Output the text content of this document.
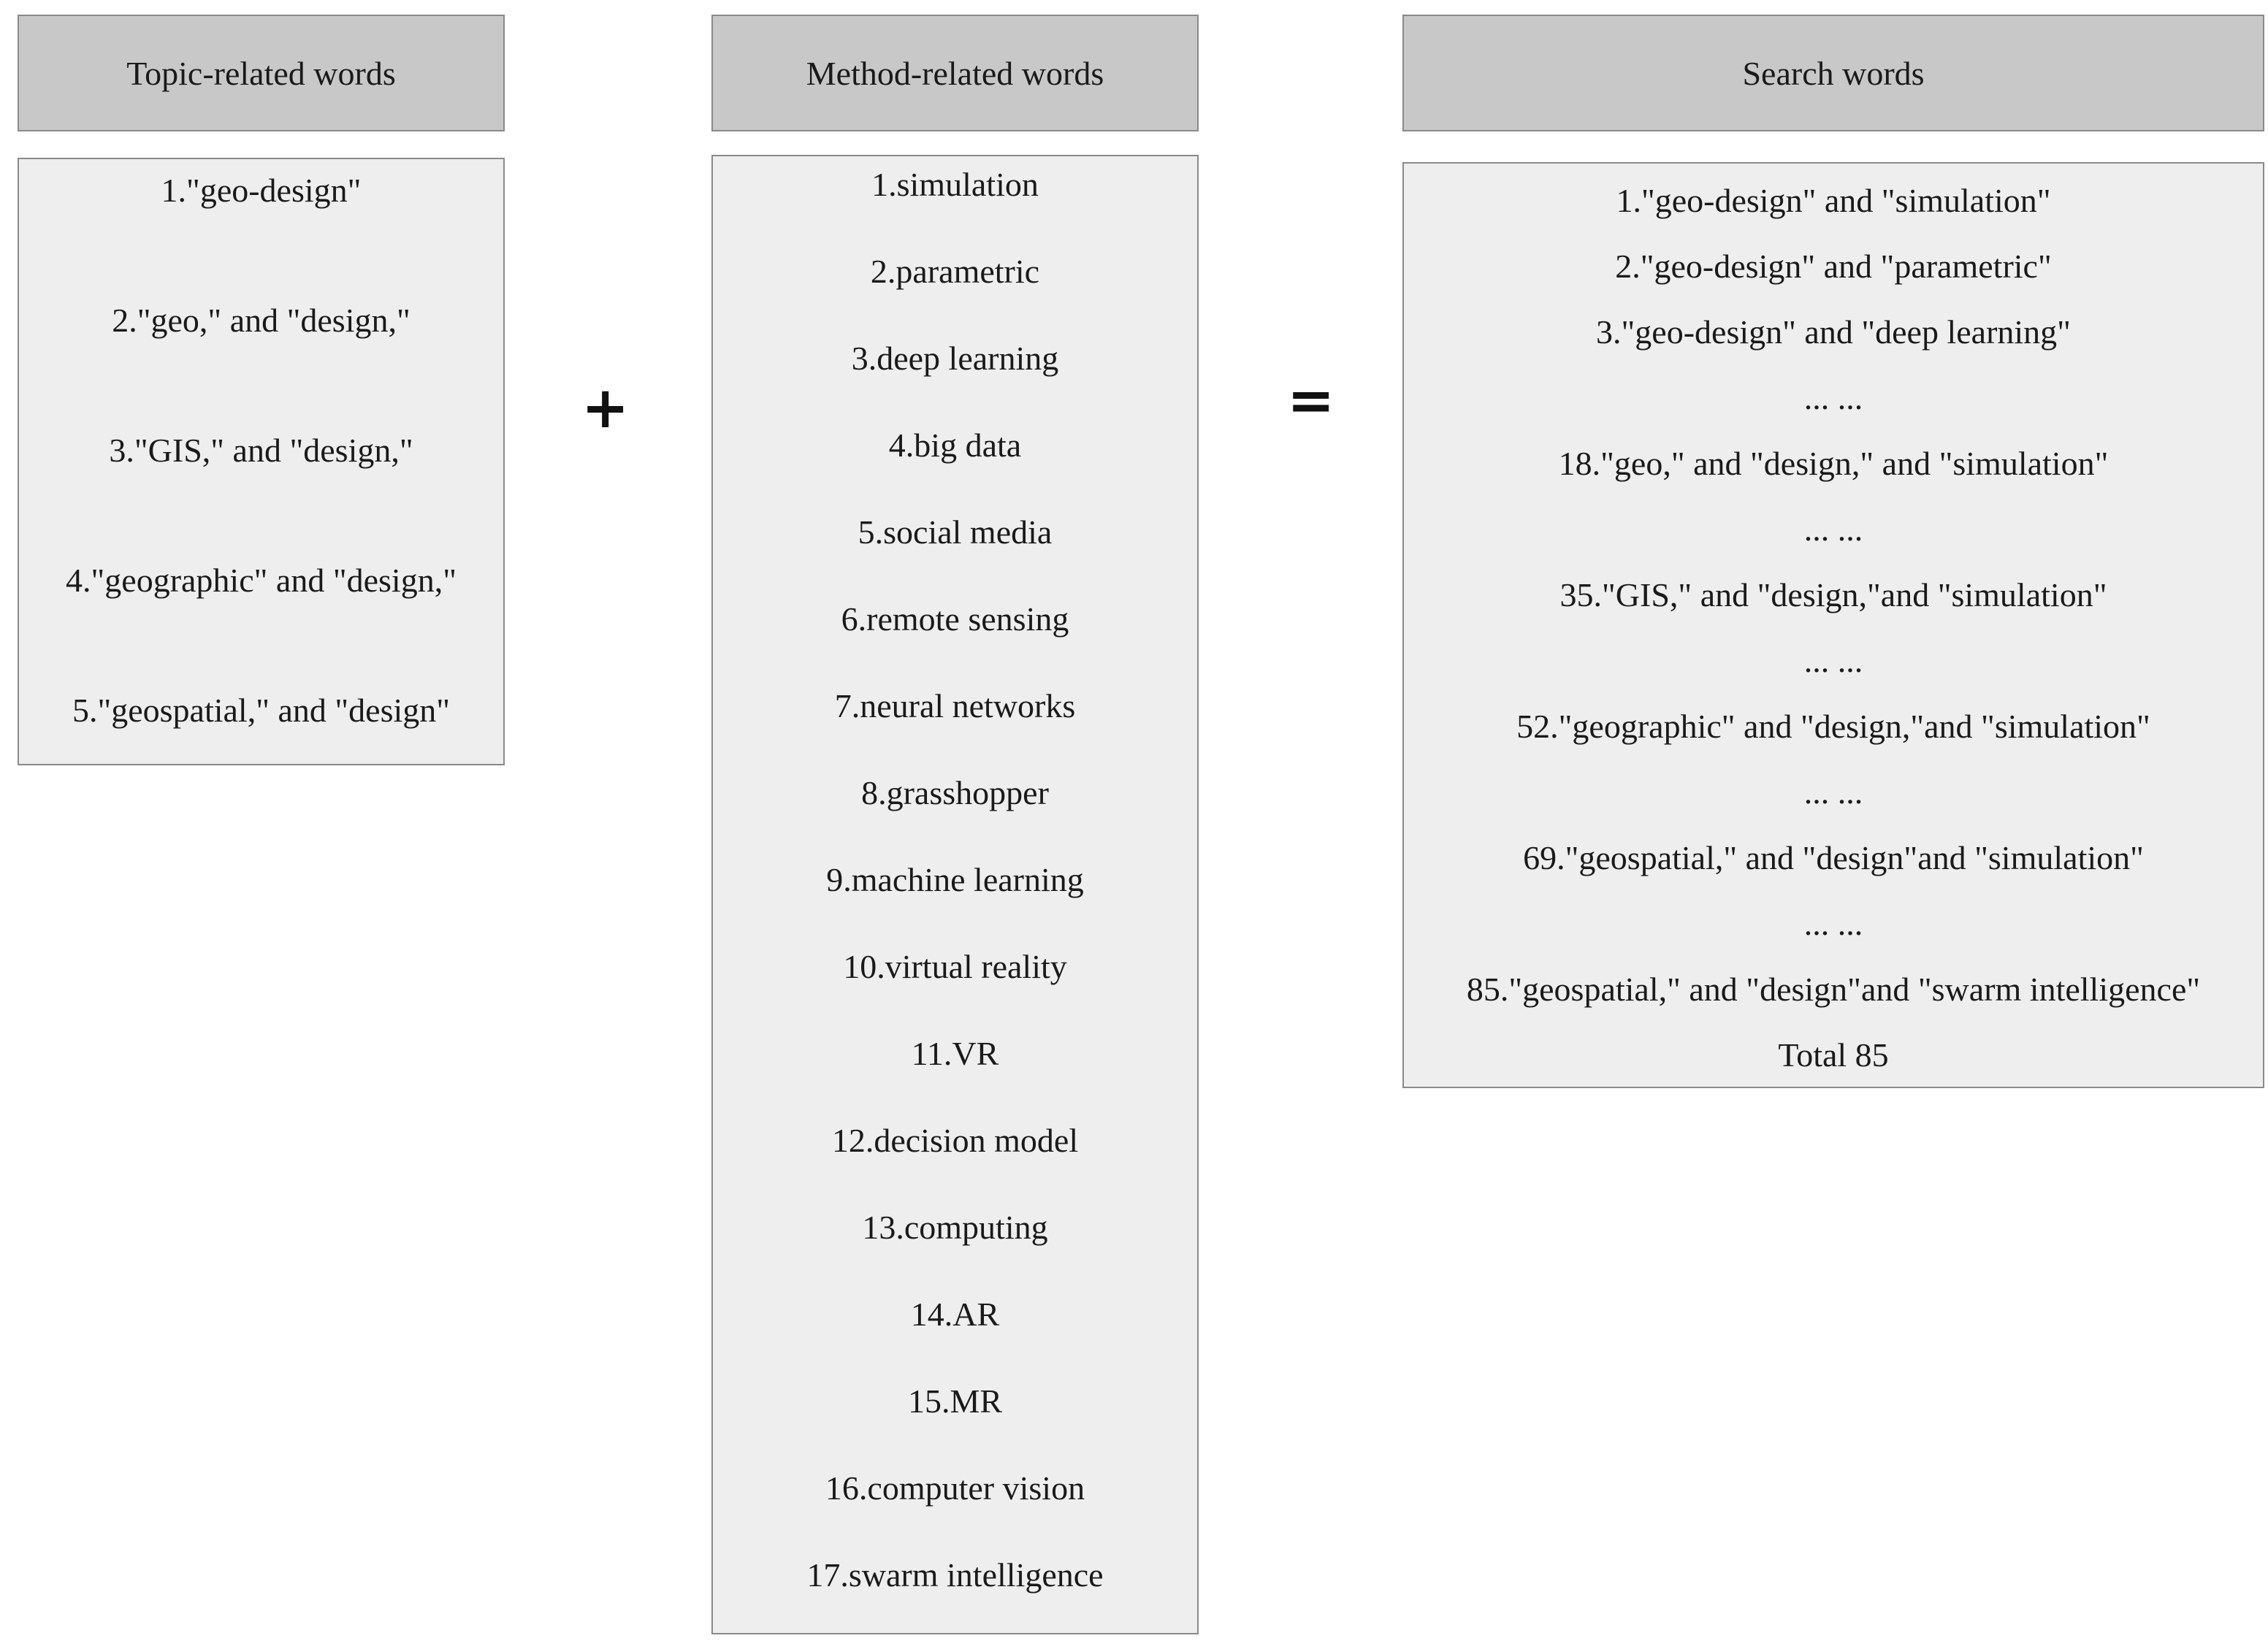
Topic-related words
1."geo-design"
2."geo," and "design,"
3."GIS," and "design,"
4."geographic" and "design,"
5."geospatial," and "design"
+
Method-related words
1.simulation
2.parametric
3.deep learning
4.big data
5.social media
6.remote sensing
7.neural networks
8.grasshopper
9.machine learning
10.virtual reality
11.VR
12.decision model
13.computing
14.AR
15.MR
16.computer vision
17.swarm intelligence
=
Search words
1."geo-design" and "simulation"
2."geo-design" and "parametric"
3."geo-design" and "deep learning"
... ...
18."geo," and "design," and "simulation"
... ...
35."GIS," and "design,"and "simulation"
... ...
52."geographic" and "design,"and "simulation"
... ...
69."geospatial," and "design"and "simulation"
... ...
85."geospatial," and "design"and "swarm intelligence"
Total 85
